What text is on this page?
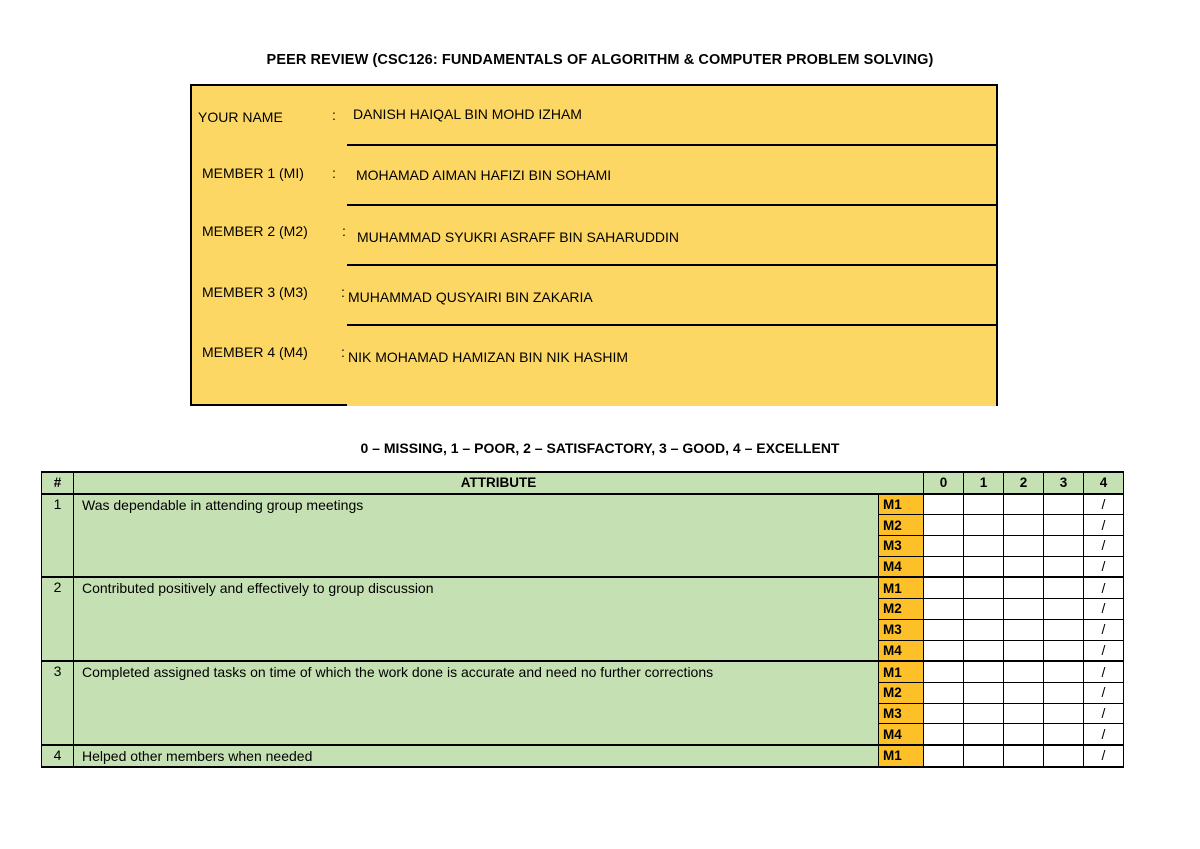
PEER REVIEW (CSC126: FUNDAMENTALS OF ALGORITHM & COMPUTER PROBLEM SOLVING)
YOUR NAME	: DANISH HAIQAL BIN MOHD IZHAM
MEMBER 1 (MI) : MOHAMAD AIMAN HAFIZI BIN SOHAMI
MEMBER 2 (M2) : MUHAMMAD SYUKRI ASRAFF BIN SAHARUDDIN
MEMBER 3 (M3) : MUHAMMAD QUSYAIRI BIN ZAKARIA
MEMBER 4 (M4) : NIK MOHAMAD HAMIZAN BIN NIK HASHIM
0 – MISSING, 1 – POOR, 2 – SATISFACTORY, 3 – GOOD, 4 – EXCELLENT
#	ATTRIBUTE		0	1	2	3	4
1	Was dependable in attending group meetings	M1					/
		M2					/
		M3					/
		M4					/
2	Contributed positively and effectively to group discussion	M1					/
		M2					/
		M3					/
		M4					/
3	Completed assigned tasks on time of which the work done is accurate and need no further corrections	M1					/
		M2					/
		M3					/
		M4					/
4	Helped other members when needed	M1					/
